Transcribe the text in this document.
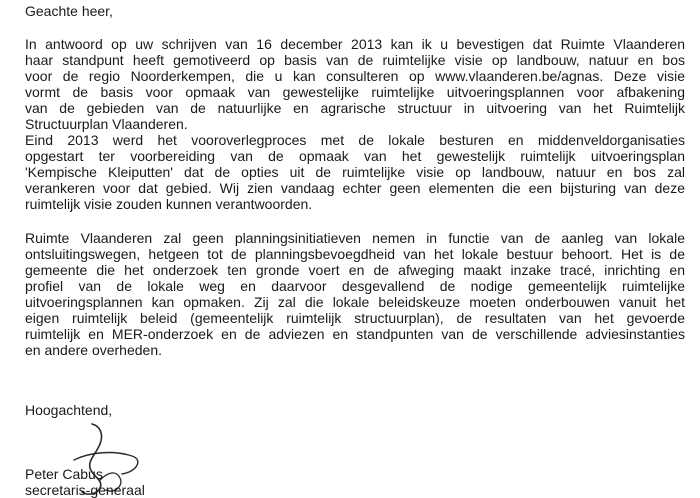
Geachte heer,
In antwoord op uw schrijven van 16 december 2013 kan ik u bevestigen dat Ruimte Vlaanderen
haar standpunt heeft gemotiveerd op basis van de ruimtelijke visie op landbouw, natuur en bos
voor de regio Noorderkempen, die u kan consulteren op www.vlaanderen.be/agnas. Deze visie
vormt de basis voor opmaak van gewestelijke ruimtelijke uitvoeringsplannen voor afbakening
van de gebieden van de natuurlijke en agrarische structuur in uitvoering van het Ruimtelijk
Structuurplan Vlaanderen.
Eind 2013 werd het vooroverlegproces met de lokale besturen en middenveldorganisaties
opgestart ter voorbereiding van de opmaak van het gewestelijk ruimtelijk uitvoeringsplan
'Kempische Kleiputten' dat de opties uit de ruimtelijke visie op landbouw, natuur en bos zal
verankeren voor dat gebied. Wij zien vandaag echter geen elementen die een bijsturing van deze
ruimtelijk visie zouden kunnen verantwoorden.
Ruimte Vlaanderen zal geen planningsinitiatieven nemen in functie van de aanleg van lokale
ontsluitingswegen, hetgeen tot de planningsbevoegdheid van het lokale bestuur behoort. Het is de
gemeente die het onderzoek ten gronde voert en de afweging maakt inzake tracé, inrichting en
profiel van de lokale weg en daarvoor desgevallend de nodige gemeentelijk ruimtelijke
uitvoeringsplannen kan opmaken. Zij zal die lokale beleidskeuze moeten onderbouwen vanuit het
eigen ruimtelijk beleid (gemeentelijk ruimtelijk structuurplan), de resultaten van het gevoerde
ruimtelijk en MER-onderzoek en de adviezen en standpunten van de verschillende adviesinstanties
en andere overheden.
Hoogachtend,
Peter Cabus
secretaris-generaal
